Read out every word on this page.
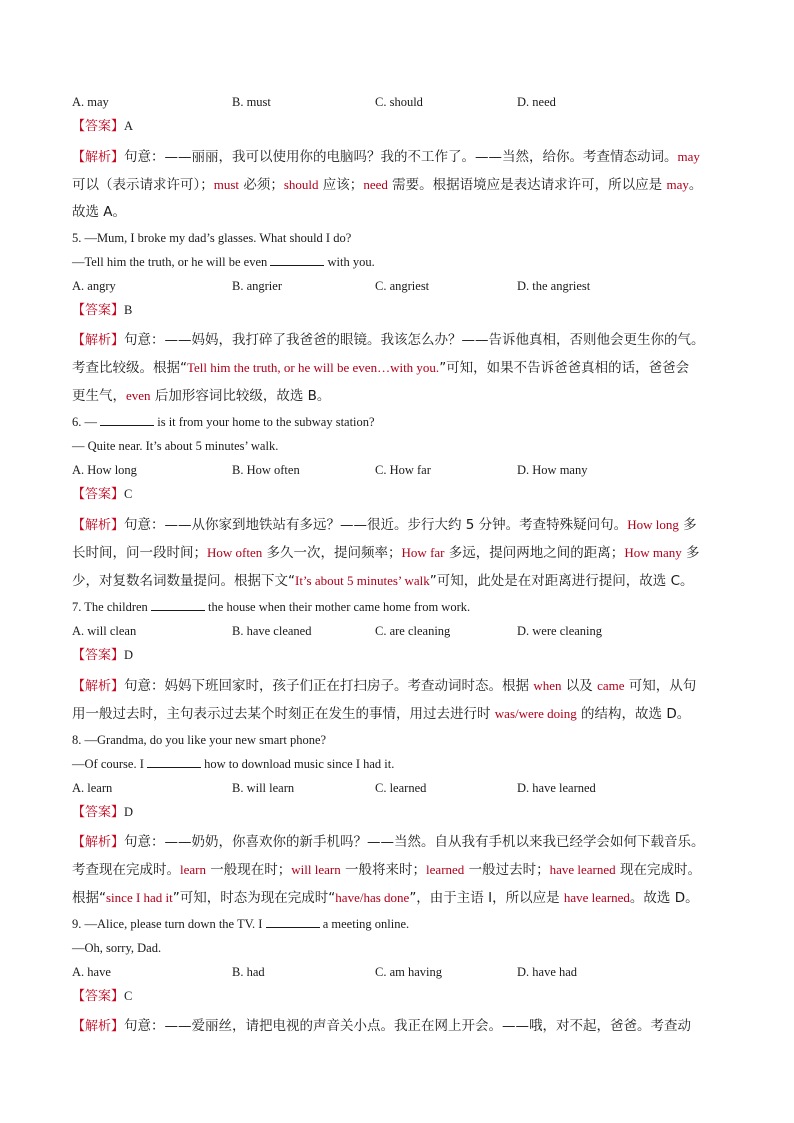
A. may	B. must	C. should	D. need
【答案】A
【解析】句意：——丽丽，我可以使用你的电脑吗？我的不工作了。——当然，给你。考查情态动词。may
可以（表示请求许可）；must 必须；should 应该；need 需要。根据语境应是表达请求许可，所以应是 may。
故选 A。
5. —Mum, I broke my dad’s glasses. What should I do?
—Tell him the truth, or he will be even	with you.
A. angry	B. angrier	C. angriest	D. the angriest
【答案】B
【解析】句意：——妈妈，我打碎了我爸爸的眼镜。我该怎么办？——告诉他真相，否则他会更生你的气。
考查比较级。根据“Tell him the truth, or he will be even…with you.”可知，如果不告诉爸爸真相的话，爸爸会
更生气，even 后加形容词比较级，故选 B。
6. —	is it from your home to the subway station?
— Quite near. It’s about 5 minutes’ walk.
A. How long	B. How often	C. How far	D. How many
【答案】C
【解析】句意：——从你家到地铁站有多远？——很近。步行大约 5 分钟。考查特殊疑问句。How long 多
长时间，问一段时间；How often 多久一次，提问频率；How far 多远，提问两地之间的距离；How many 多
少，对复数名词数量提问。根据下文“It’s about 5 minutes’ walk”可知，此处是在对距离进行提问，故选 C。
7. The children	the house when their mother came home from work.
A. will clean	B. have cleaned	C. are cleaning	D. were cleaning
【答案】D
【解析】句意：妈妈下班回家时，孩子们正在打扫房子。考查动词时态。根据 when 以及 came 可知，从句
用一般过去时，主句表示过去某个时刻正在发生的事情，用过去进行时 was/were doing 的结构，故选 D。
8. —Grandma, do you like your new smart phone?
—Of course. I	how to download music since I had it.
A. learn	B. will learn	C. learned	D. have learned
【答案】D
【解析】句意：——奶奶，你喜欢你的新手机吗？——当然。自从我有手机以来我已经学会如何下载音乐。
考查现在完成时。learn 一般现在时；will learn 一般将来时；learned 一般过去时；have learned 现在完成时。
根据“since I had it”可知，时态为现在完成时“have/has done”，由于主语 I，所以应是 have learned。故选 D。
9. —Alice, please turn down the TV. I	a meeting online.
—Oh, sorry, Dad.
A. have	B. had	C. am having	D. have had
【答案】C
【解析】句意：——爱丽丝，请把电视的声音关小点。我正在网上开会。——哦，对不起，爸爸。考查动
